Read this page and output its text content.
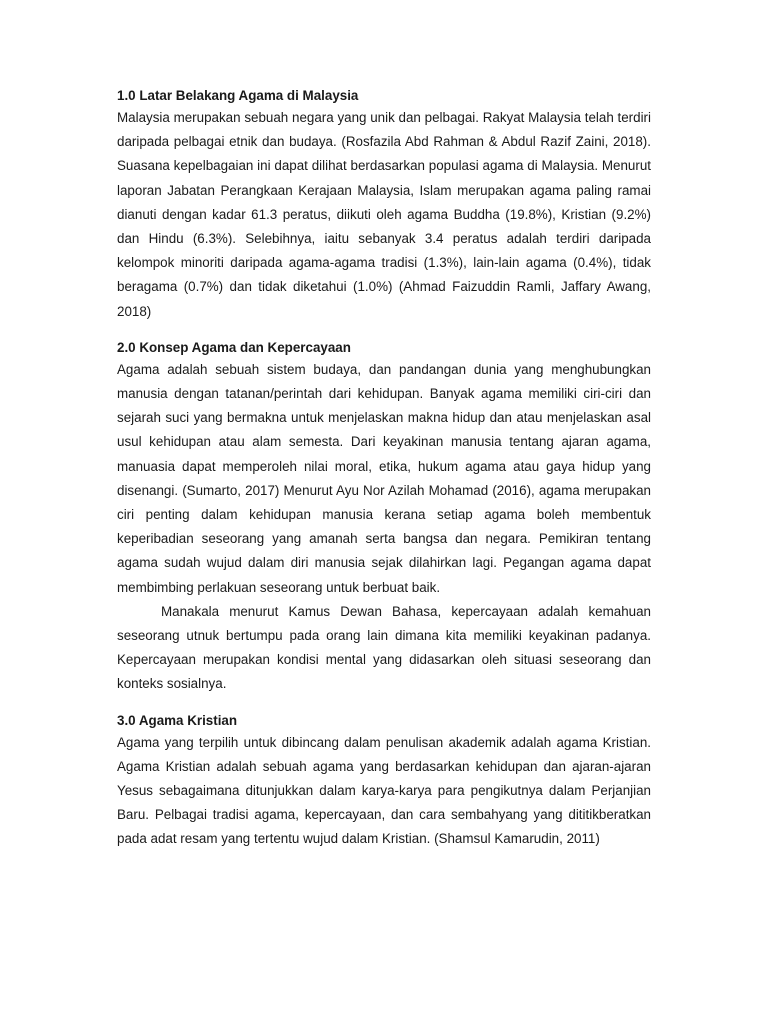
1.0 Latar Belakang Agama di Malaysia

Malaysia merupakan sebuah negara yang unik dan pelbagai. Rakyat Malaysia telah terdiri daripada pelbagai etnik dan budaya. (Rosfazila Abd Rahman & Abdul Razif Zaini, 2018). Suasana kepelbagaian ini dapat dilihat berdasarkan populasi agama di Malaysia. Menurut laporan Jabatan Perangkaan Kerajaan Malaysia, Islam merupakan agama paling ramai dianuti dengan kadar 61.3 peratus, diikuti oleh agama Buddha (19.8%), Kristian (9.2%) dan Hindu (6.3%). Selebihnya, iaitu sebanyak 3.4 peratus adalah terdiri daripada kelompok minoriti daripada agama-agama tradisi (1.3%), lain-lain agama (0.4%), tidak beragama (0.7%) dan tidak diketahui (1.0%) (Ahmad Faizuddin Ramli, Jaffary Awang, 2018)

2.0 Konsep Agama dan Kepercayaan

Agama adalah sebuah sistem budaya, dan pandangan dunia yang menghubungkan manusia dengan tatanan/perintah dari kehidupan. Banyak agama memiliki ciri-ciri dan sejarah suci yang bermakna untuk menjelaskan makna hidup dan atau menjelaskan asal usul kehidupan atau alam semesta. Dari keyakinan manusia tentang ajaran agama, manuasia dapat memperoleh nilai moral, etika, hukum agama atau gaya hidup yang disenangi. (Sumarto, 2017) Menurut Ayu Nor Azilah Mohamad (2016), agama merupakan ciri penting dalam kehidupan manusia kerana setiap agama boleh membentuk keperibadian seseorang yang amanah serta bangsa dan negara. Pemikiran tentang agama sudah wujud dalam diri manusia sejak dilahirkan lagi. Pegangan agama dapat membimbing perlakuan seseorang untuk berbuat baik.

Manakala menurut Kamus Dewan Bahasa, kepercayaan adalah kemahuan seseorang utnuk bertumpu pada orang lain dimana kita memiliki keyakinan padanya. Kepercayaan merupakan kondisi mental yang didasarkan oleh situasi seseorang dan konteks sosialnya.

3.0 Agama Kristian

Agama yang terpilih untuk dibincang dalam penulisan akademik adalah agama Kristian. Agama Kristian adalah sebuah agama yang berdasarkan kehidupan dan ajaran-ajaran Yesus sebagaimana ditunjukkan dalam karya-karya para pengikutnya dalam Perjanjian Baru. Pelbagai tradisi agama, kepercayaan, dan cara sembahyang yang dititikberatkan pada adat resam yang tertentu wujud dalam Kristian. (Shamsul Kamarudin, 2011)
